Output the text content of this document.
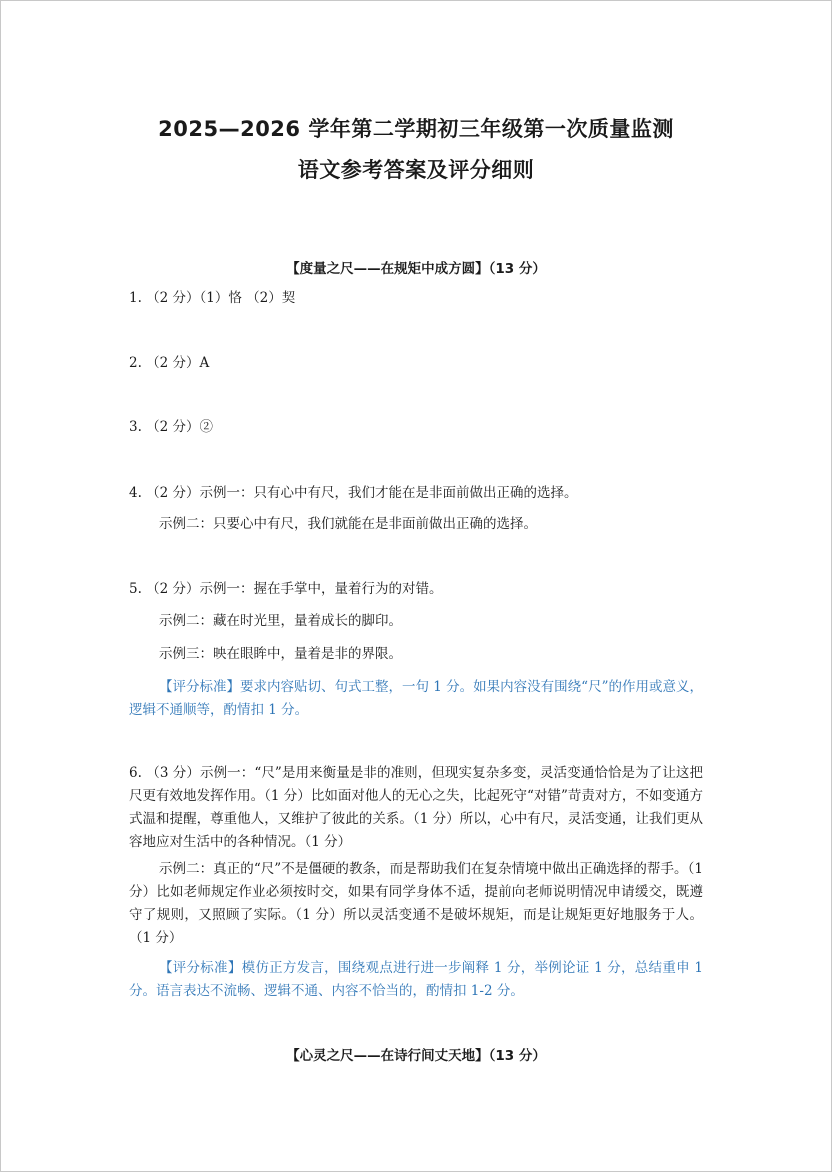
2025—2026 学年第二学期初三年级第一次质量监测
语文参考答案及评分细则
【度量之尺——在规矩中成方圆】（13 分）
1. （2 分）（1）恪 （2）契
2. （2 分）A
3. （2 分）②
4. （2 分）示例一：只有心中有尺，我们才能在是非面前做出正确的选择。
示例二：只要心中有尺，我们就能在是非面前做出正确的选择。
5. （2 分）示例一：握在手掌中，量着行为的对错。
示例二：藏在时光里，量着成长的脚印。
示例三：映在眼眸中，量着是非的界限。
【评分标准】要求内容贴切、句式工整，一句 1 分。如果内容没有围绕“尺”的作用或意义，逻辑不通顺等，酌情扣 1 分。
6. （3 分）示例一：“尺”是用来衡量是非的准则，但现实复杂多变，灵活变通恰恰是为了让这把尺更有效地发挥作用。（1 分）比如面对他人的无心之失，比起死守“对错”苛责对方，不如变通方式温和提醒，尊重他人，又维护了彼此的关系。（1 分）所以，心中有尺，灵活变通，让我们更从容地应对生活中的各种情况。（1 分）
示例二：真正的“尺”不是僵硬的教条，而是帮助我们在复杂情境中做出正确选择的帮手。（1 分）比如老师规定作业必须按时交，如果有同学身体不适，提前向老师说明情况申请缓交，既遵守了规则，又照顾了实际。（1 分）所以灵活变通不是破坏规矩，而是让规矩更好地服务于人。（1 分）
【评分标准】模仿正方发言，围绕观点进行进一步阐释 1 分，举例论证 1 分，总结重申 1 分。语言表达不流畅、逻辑不通、内容不恰当的，酌情扣 1-2 分。
【心灵之尺——在诗行间丈天地】（13 分）
